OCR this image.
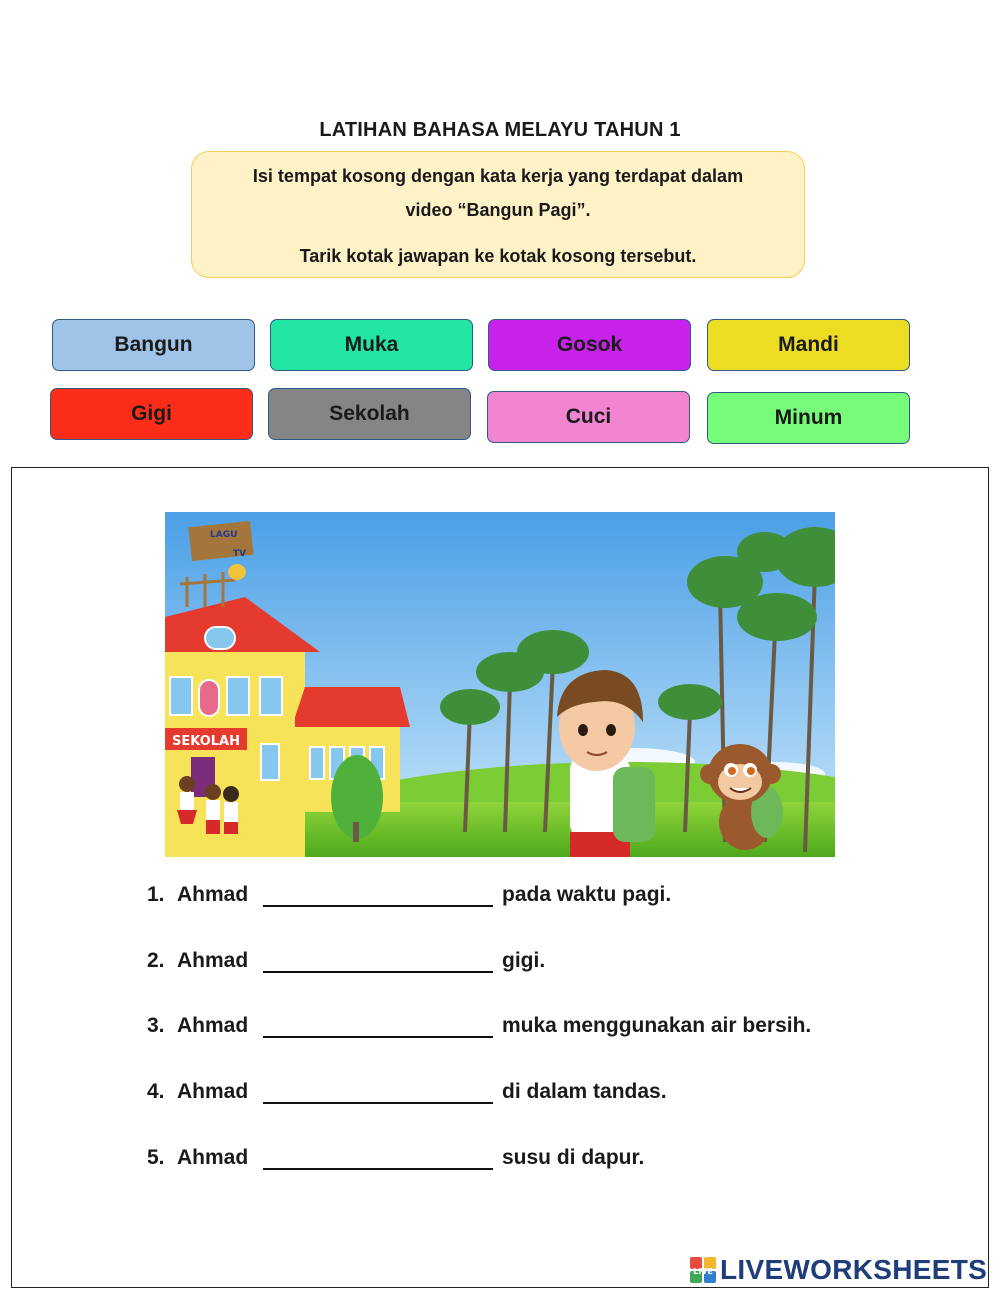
LATIHAN BAHASA MELAYU TAHUN 1
Isi tempat kosong dengan kata kerja yang terdapat dalam
video “Bangun Pagi”.
Tarik kotak jawapan ke kotak kosong tersebut.
Bangun	Muka	Gosok	Mandi
Gigi	Sekolah	Cuci	Minum
SEKOLAH
LAGU
TV
1. Ahmad	pada waktu pagi.
2. Ahmad	gigi.
3. Ahmad	muka menggunakan air bersih.
4. Ahmad	di dalam tandas.
5. Ahmad	susu di dapur.
LIVE LIVEWORKSHEETS
